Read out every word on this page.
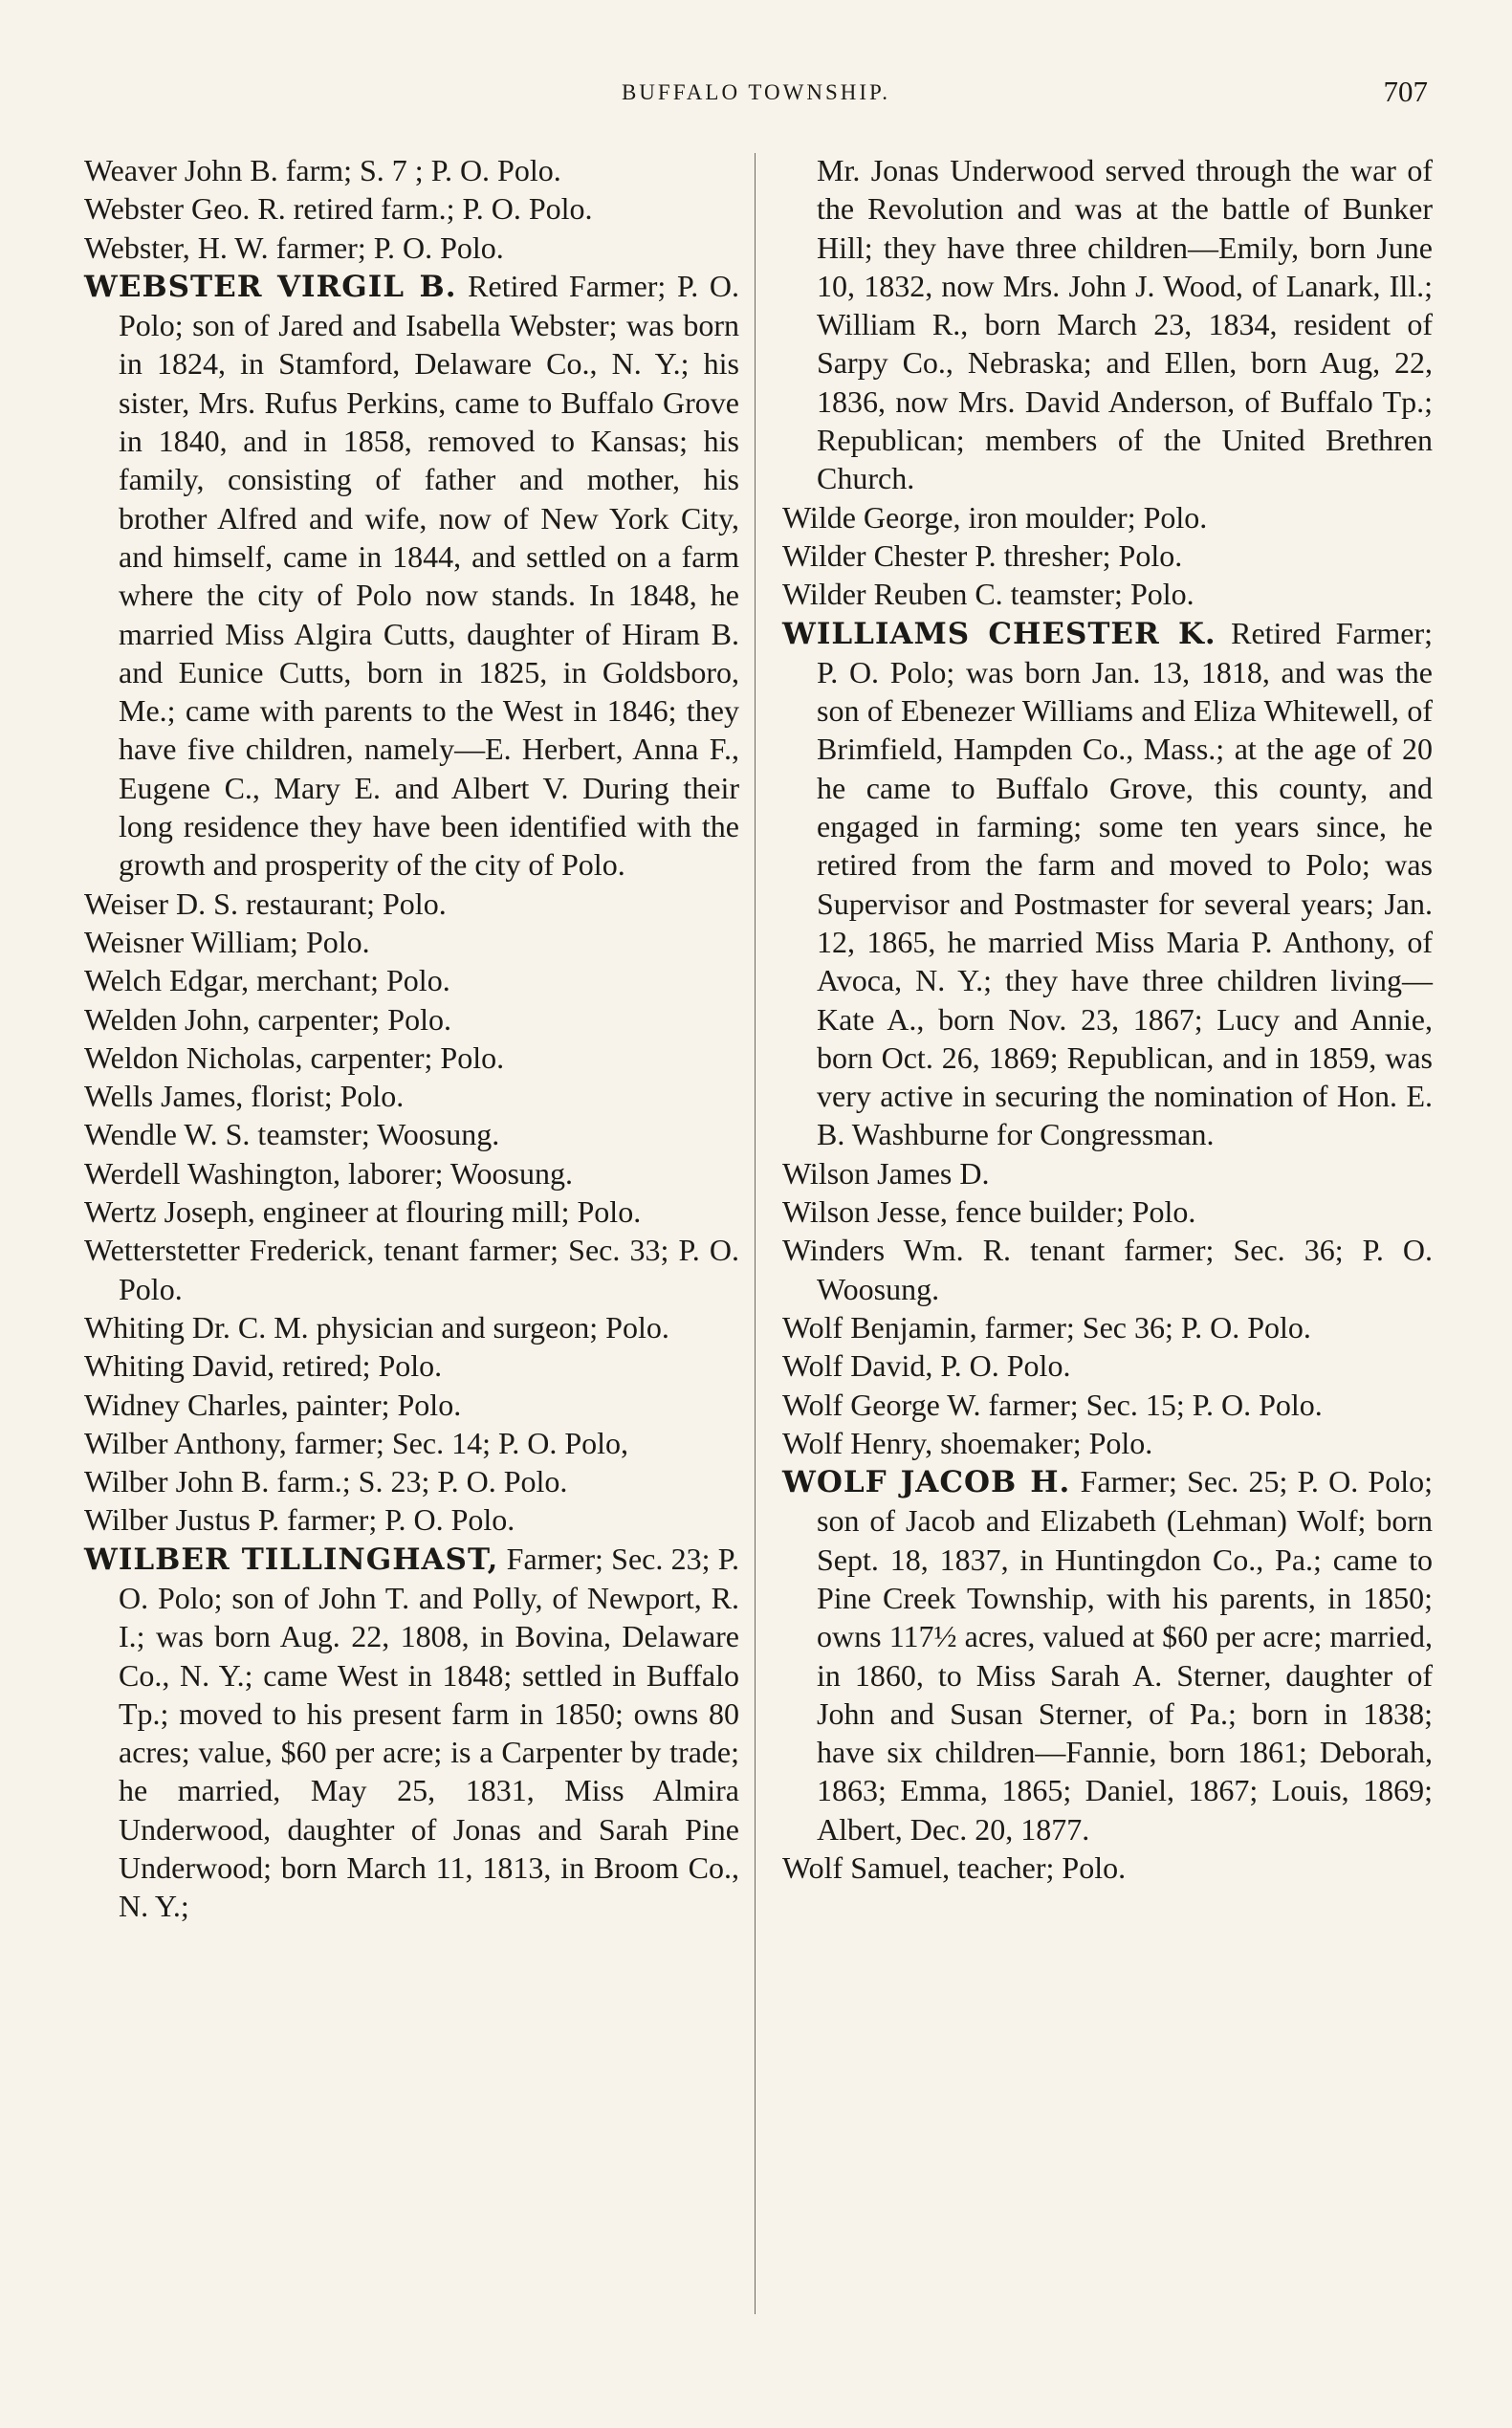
BUFFALO TOWNSHIP.	707

Weaver John B. farm; S. 7 ; P. O. Polo.

Webster Geo. R. retired farm.; P. O. Polo.

Webster, H. W. farmer; P. O. Polo.

WEBSTER VIRGIL B. Retired Farmer; P. O. Polo; son of Jared and Isabella Webster; was born in 1824, in Stamford, Delaware Co., N. Y.; his sister, Mrs. Rufus Perkins, came to Buffalo Grove in 1840, and in 1858, removed to Kansas; his family, consisting of father and mother, his brother Alfred and wife, now of New York City, and himself, came in 1844, and settled on a farm where the city of Polo now stands. In 1848, he married Miss Algira Cutts, daughter of Hiram B. and Eunice Cutts, born in 1825, in Goldsboro, Me.; came with parents to the West in 1846; they have five children, namely—E. Herbert, Anna F., Eugene C., Mary E. and Albert V. During their long residence they have been identified with the growth and prosperity of the city of Polo.

Weiser D. S. restaurant; Polo.

Weisner William; Polo.

Welch Edgar, merchant; Polo.

Welden John, carpenter; Polo.

Weldon Nicholas, carpenter; Polo.

Wells James, florist; Polo.

Wendle W. S. teamster; Woosung.

Werdell Washington, laborer; Woosung.

Wertz Joseph, engineer at flouring mill; Polo.

Wetterstetter Frederick, tenant farmer; Sec. 33; P. O. Polo.

Whiting Dr. C. M. physician and surgeon; Polo.

Whiting David, retired; Polo.

Widney Charles, painter; Polo.

Wilber Anthony, farmer; Sec. 14; P. O. Polo,

Wilber John B. farm.; S. 23; P. O. Polo.

Wilber Justus P. farmer; P. O. Polo.

WILBER TILLINGHAST, Farmer; Sec. 23; P. O. Polo; son of John T. and Polly, of Newport, R. I.; was born Aug. 22, 1808, in Bovina, Delaware Co., N. Y.; came West in 1848; settled in Buffalo Tp.; moved to his present farm in 1850; owns 80 acres; value, $60 per acre; is a Carpenter by trade; he married, May 25, 1831, Miss Almira Underwood, daughter of Jonas and Sarah Pine Underwood; born March 11, 1813, in Broom Co., N. Y.;

Mr. Jonas Underwood served through the war of the Revolution and was at the battle of Bunker Hill; they have three children—Emily, born June 10, 1832, now Mrs. John J. Wood, of Lanark, Ill.; William R., born March 23, 1834, resident of Sarpy Co., Nebraska; and Ellen, born Aug, 22, 1836, now Mrs. David Anderson, of Buffalo Tp.; Republican; members of the United Brethren Church.

Wilde George, iron moulder; Polo.

Wilder Chester P. thresher; Polo.

Wilder Reuben C. teamster; Polo.

WILLIAMS CHESTER K. Retired Farmer; P. O. Polo; was born Jan. 13, 1818, and was the son of Ebenezer Williams and Eliza Whitewell, of Brimfield, Hampden Co., Mass.; at the age of 20 he came to Buffalo Grove, this county, and engaged in farming; some ten years since, he retired from the farm and moved to Polo; was Supervisor and Postmaster for several years; Jan. 12, 1865, he married Miss Maria P. Anthony, of Avoca, N. Y.; they have three children living—Kate A., born Nov. 23, 1867; Lucy and Annie, born Oct. 26, 1869; Republican, and in 1859, was very active in securing the nomination of Hon. E. B. Washburne for Congressman.

Wilson James D.

Wilson Jesse, fence builder; Polo.

Winders Wm. R. tenant farmer; Sec. 36; P. O. Woosung.

Wolf Benjamin, farmer; Sec 36; P. O. Polo.

Wolf David, P. O. Polo.

Wolf George W. farmer; Sec. 15; P. O. Polo.

Wolf Henry, shoemaker; Polo.

WOLF JACOB H. Farmer; Sec. 25; P. O. Polo; son of Jacob and Elizabeth (Lehman) Wolf; born Sept. 18, 1837, in Huntingdon Co., Pa.; came to Pine Creek Township, with his parents, in 1850; owns 117½ acres, valued at $60 per acre; married, in 1860, to Miss Sarah A. Sterner, daughter of John and Susan Sterner, of Pa.; born in 1838; have six children—Fannie, born 1861; Deborah, 1863; Emma, 1865; Daniel, 1867; Louis, 1869; Albert, Dec. 20, 1877.

Wolf Samuel, teacher; Polo.
